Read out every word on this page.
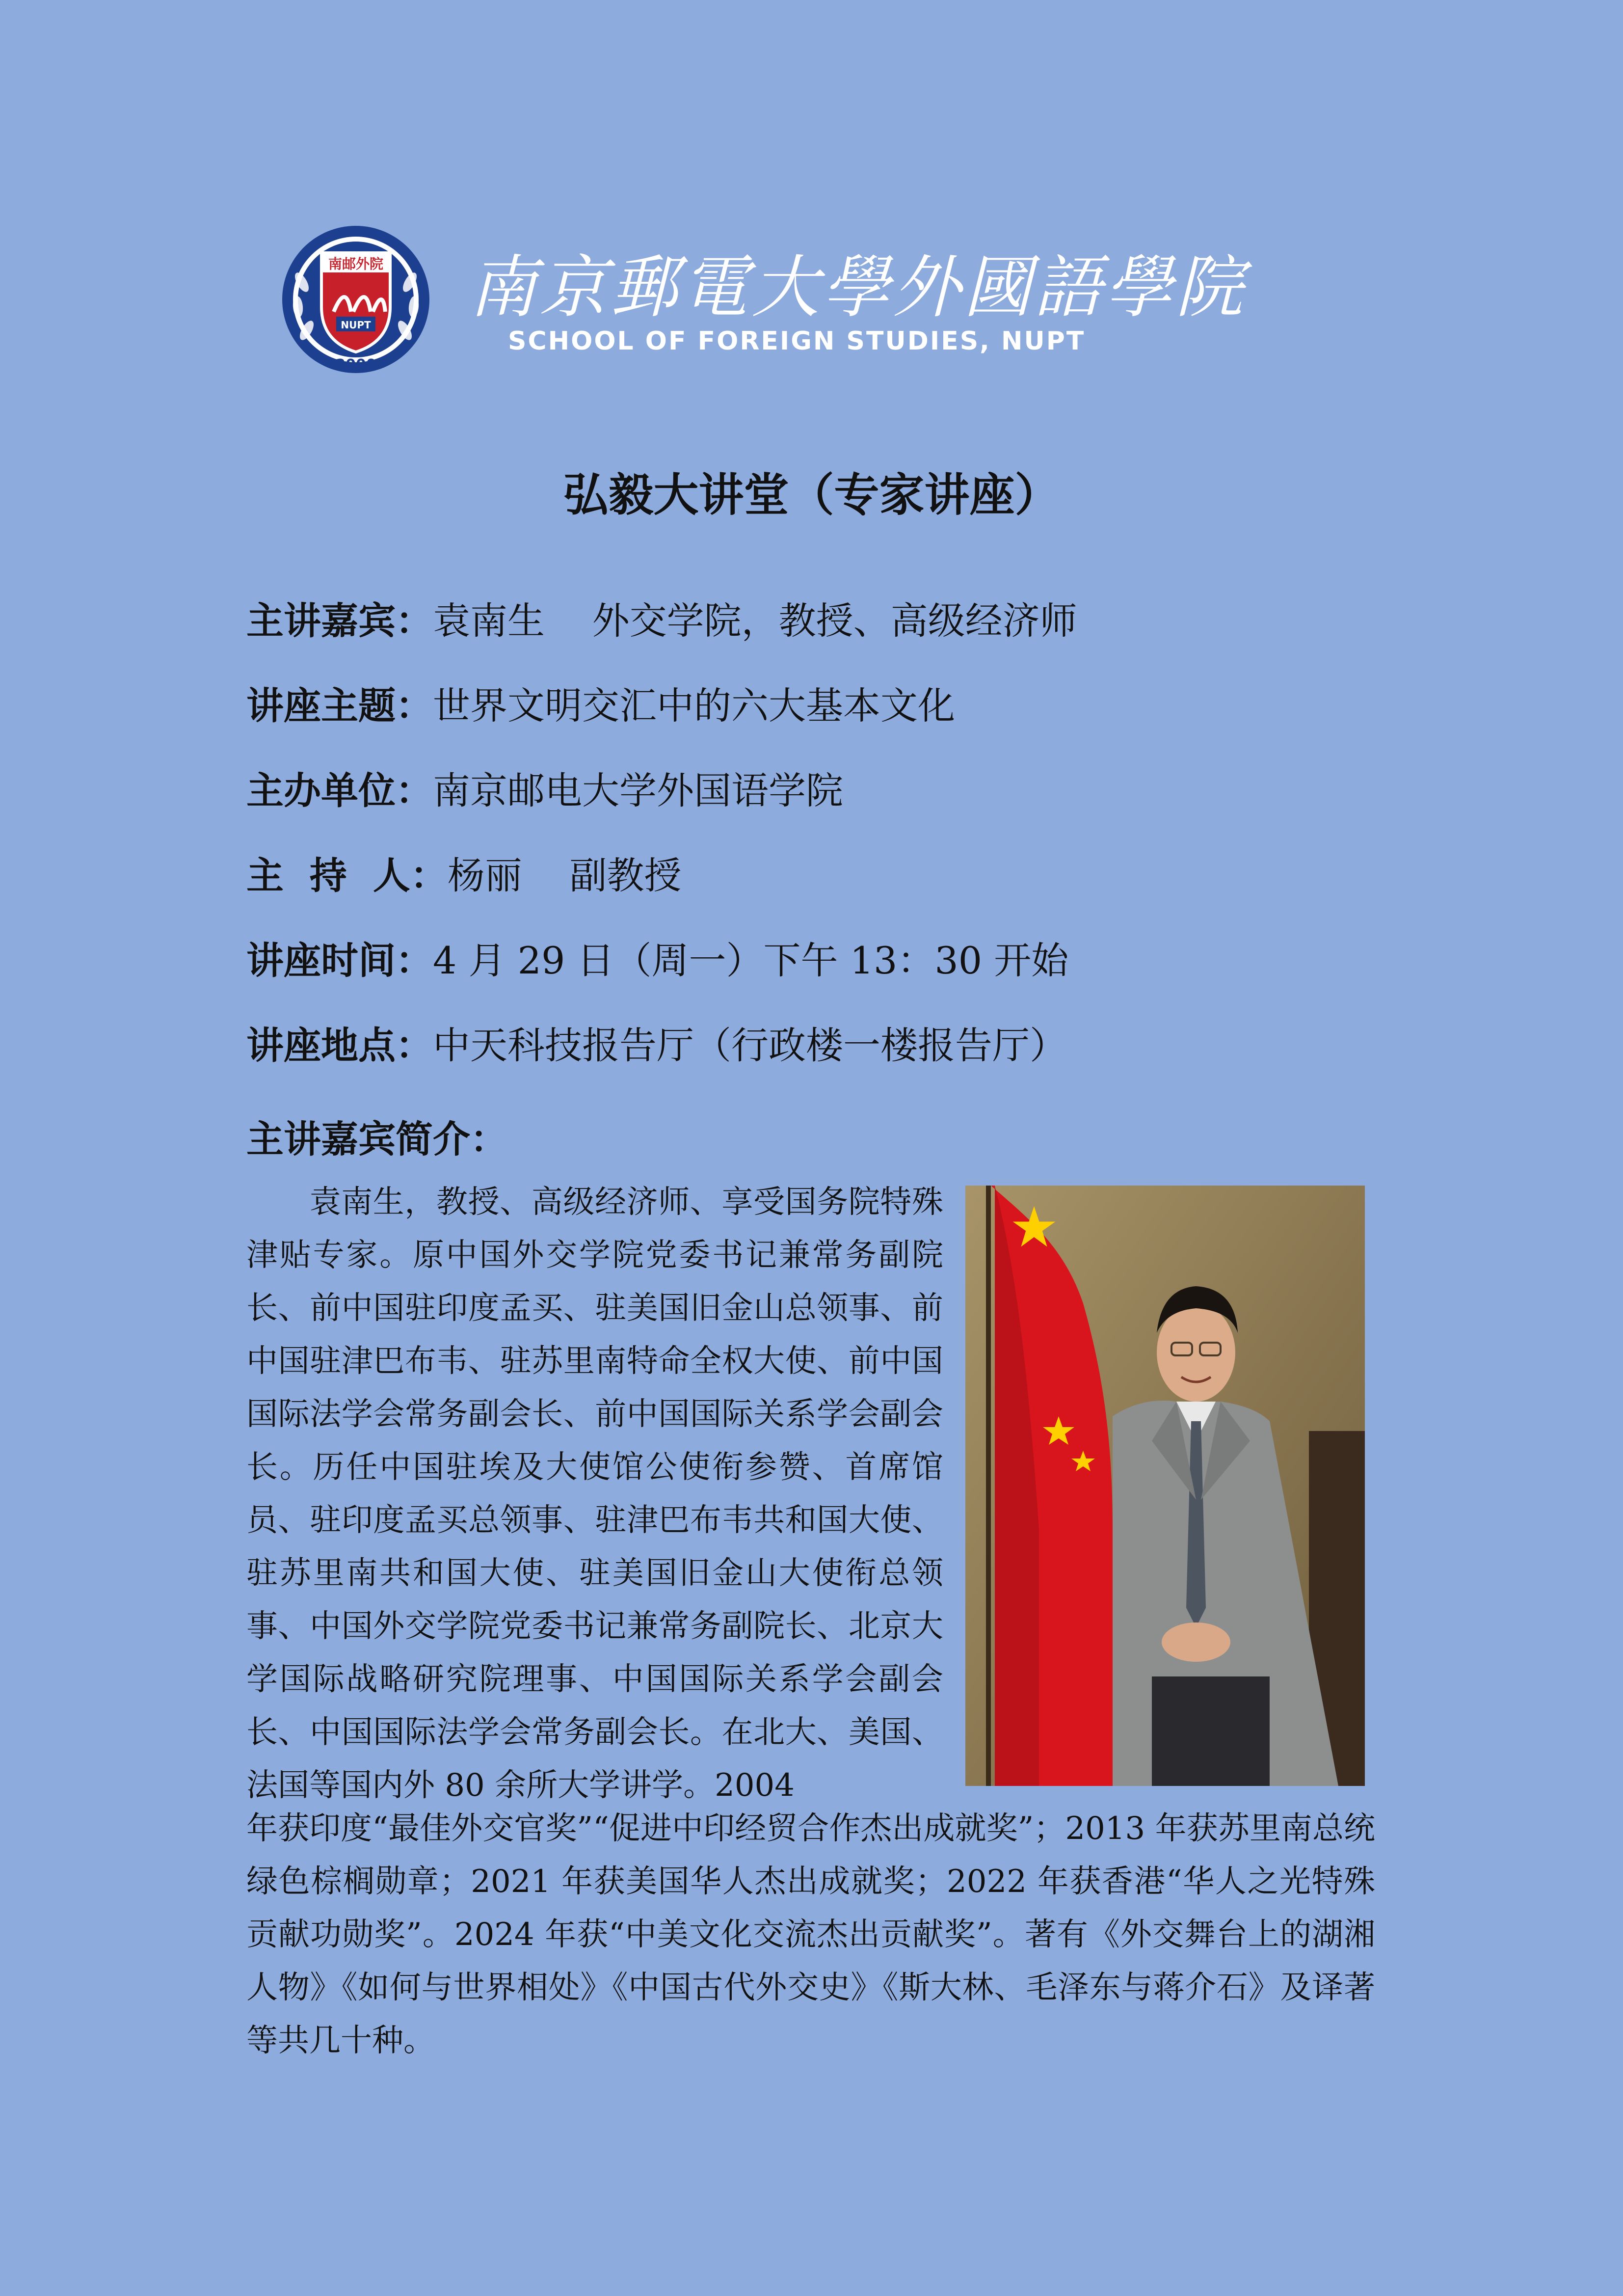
南邮外院
NUPT
2000
南京郵電大學外國語學院
SCHOOL OF FOREIGN STUDIES, NUPT
弘毅大讲堂（专家讲座）
主讲嘉宾：袁南生    外交学院，教授、高级经济师
讲座主题：世界文明交汇中的六大基本文化
主办单位：南京邮电大学外国语学院
主  持  人：杨丽    副教授
讲座时间：4 月 29 日（周一）下午 13：30 开始
讲座地点：中天科技报告厅（行政楼一楼报告厅）
主讲嘉宾简介：
袁南生，教授、高级经济师、享受国务院特殊津贴专家。原中国外交学院党委书记兼常务副院长、前中国驻印度孟买、驻美国旧金山总领事、前中国驻津巴布韦、驻苏里南特命全权大使、前中国国际法学会常务副会长、前中国国际关系学会副会长。历任中国驻埃及大使馆公使衔参赞、首席馆员、驻印度孟买总领事、驻津巴布韦共和国大使、驻苏里南共和国大使、驻美国旧金山大使衔总领事、中国外交学院党委书记兼常务副院长、北京大学国际战略研究院理事、中国国际关系学会副会长、中国国际法学会常务副会长。在北大、美国、法国等国内外 80 余所大学讲学。2004
年获印度“最佳外交官奖”“促进中印经贸合作杰出成就奖”；2013 年获苏里南总统绿色棕榈勋章；2021 年获美国华人杰出成就奖；2022 年获香港“华人之光特殊贡献功勋奖”。2024 年获“中美文化交流杰出贡献奖”。著有《外交舞台上的湖湘人物》《如何与世界相处》《中国古代外交史》《斯大林、毛泽东与蒋介石》及译著等共几十种。
